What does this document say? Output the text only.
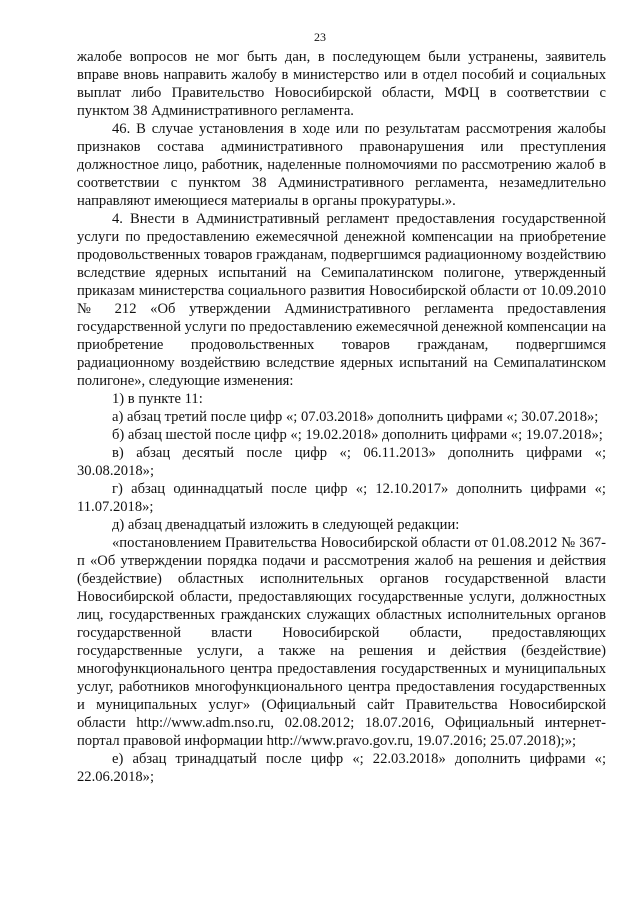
23

жалобе вопросов не мог быть дан, в последующем были устранены, заявитель вправе вновь направить жалобу в министерство или в отдел пособий и социальных выплат либо Правительство Новосибирской области, МФЦ в соответствии с пунктом 38 Административного регламента.

46. В случае установления в ходе или по результатам рассмотрения жалобы признаков состава административного правонарушения или преступления должностное лицо, работник, наделенные полномочиями по рассмотрению жалоб в соответствии с пунктом 38 Административного регламента, незамедлительно направляют имеющиеся материалы в органы прокуратуры.».

4. Внести в Административный регламент предоставления государственной услуги по предоставлению ежемесячной денежной компенсации на приобретение продовольственных товаров гражданам, подвергшимся радиационному воздействию вследствие ядерных испытаний на Семипалатинском полигоне, утвержденный приказам министерства социального развития Новосибирской области от 10.09.2010 № 212 «Об утверждении Административного регламента предоставления государственной услуги по предоставлению ежемесячной денежной компенсации на приобретение продовольственных товаров гражданам, подвергшимся радиационному воздействию вследствие ядерных испытаний на Семипалатинском полигоне», следующие изменения:

1) в пункте 11:

а) абзац третий после цифр «; 07.03.2018» дополнить цифрами «; 30.07.2018»;

б) абзац шестой после цифр «; 19.02.2018» дополнить цифрами «; 19.07.2018»;

в) абзац десятый после цифр «; 06.11.2013» дополнить цифрами «; 30.08.2018»;

г) абзац одиннадцатый после цифр «; 12.10.2017» дополнить цифрами «; 11.07.2018»;

д) абзац двенадцатый изложить в следующей редакции:

«постановлением Правительства Новосибирской области от 01.08.2012 № 367-п «Об утверждении порядка подачи и рассмотрения жалоб на решения и действия (бездействие) областных исполнительных органов государственной власти Новосибирской области, предоставляющих государственные услуги, должностных лиц, государственных гражданских служащих областных исполнительных органов государственной власти Новосибирской области, предоставляющих государственные услуги, а также на решения и действия (бездействие) многофункционального центра предоставления государственных и муниципальных услуг, работников многофункционального центра предоставления государственных и муниципальных услуг» (Официальный сайт Правительства Новосибирской области http://www.adm.nso.ru, 02.08.2012; 18.07.2016, Официальный интернет-портал правовой информации http://www.pravo.gov.ru, 19.07.2016; 25.07.2018);»;

е) абзац тринадцатый после цифр «; 22.03.2018» дополнить цифрами «; 22.06.2018»;
